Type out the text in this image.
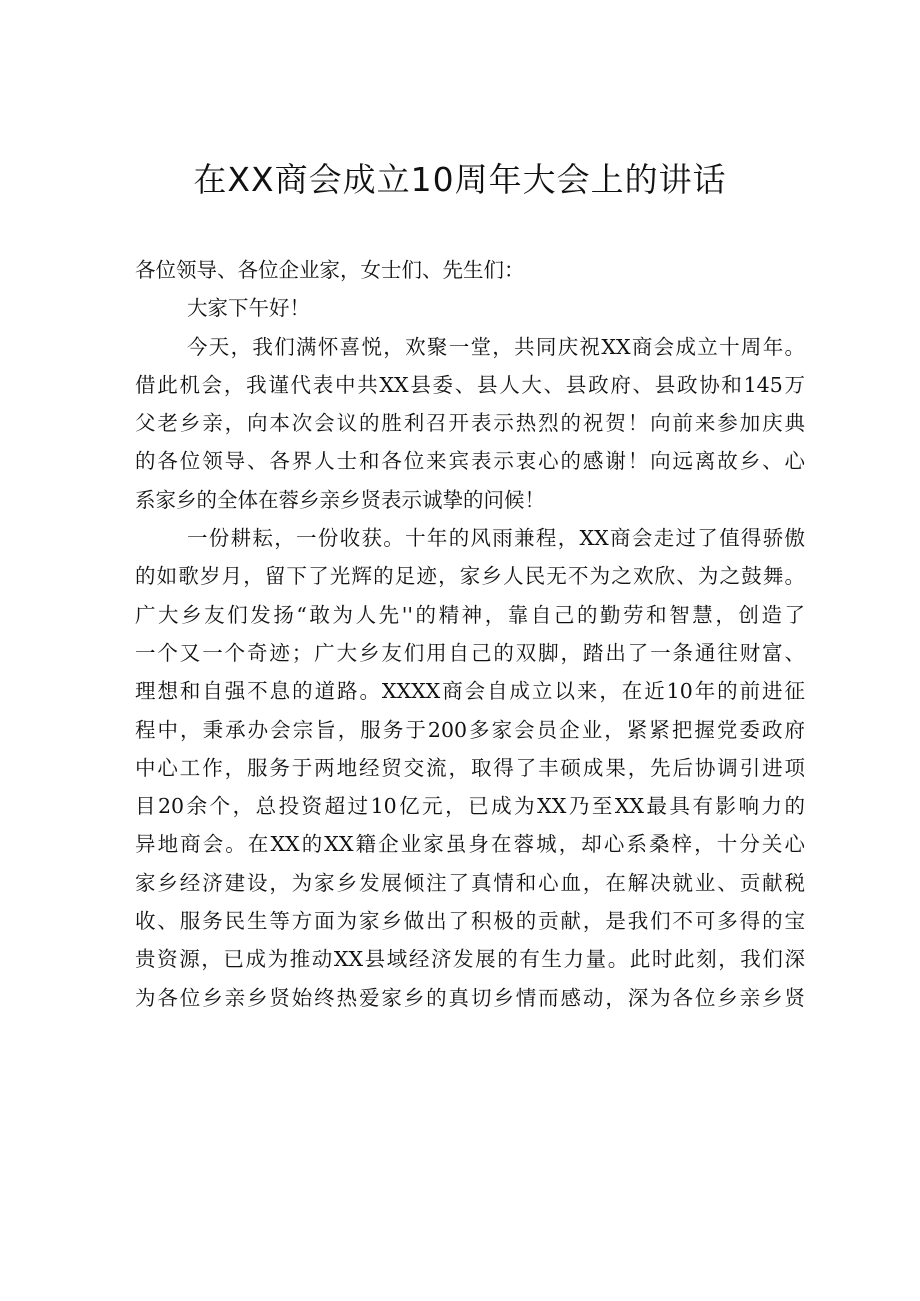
在XX商会成立10周年大会上的讲话
各位领导、各位企业家，女士们、先生们：
大家下午好！
今天，我们满怀喜悦，欢聚一堂，共同庆祝XX商会成立十周年。
借此机会，我谨代表中共XX县委、县人大、县政府、县政协和145万
父老乡亲，向本次会议的胜利召开表示热烈的祝贺！向前来参加庆典
的各位领导、各界人士和各位来宾表示衷心的感谢！向远离故乡、心
系家乡的全体在蓉乡亲乡贤表示诚挚的问候！
一份耕耘，一份收获。十年的风雨兼程，XX商会走过了值得骄傲
的如歌岁月，留下了光辉的足迹，家乡人民无不为之欢欣、为之鼓舞。
广大乡友们发扬“敢为人先''的精神，靠自己的勤劳和智慧，创造了
一个又一个奇迹；广大乡友们用自己的双脚，踏出了一条通往财富、
理想和自强不息的道路。XXXX商会自成立以来，在近10年的前进征
程中，秉承办会宗旨，服务于200多家会员企业，紧紧把握党委政府
中心工作，服务于两地经贸交流，取得了丰硕成果，先后协调引进项
目20余个，总投资超过10亿元，已成为XX乃至XX最具有影响力的
异地商会。在XX的XX籍企业家虽身在蓉城，却心系桑梓，十分关心
家乡经济建设，为家乡发展倾注了真情和心血，在解决就业、贡献税
收、服务民生等方面为家乡做出了积极的贡献，是我们不可多得的宝
贵资源，已成为推动XX县域经济发展的有生力量。此时此刻，我们深
为各位乡亲乡贤始终热爱家乡的真切乡情而感动，深为各位乡亲乡贤
